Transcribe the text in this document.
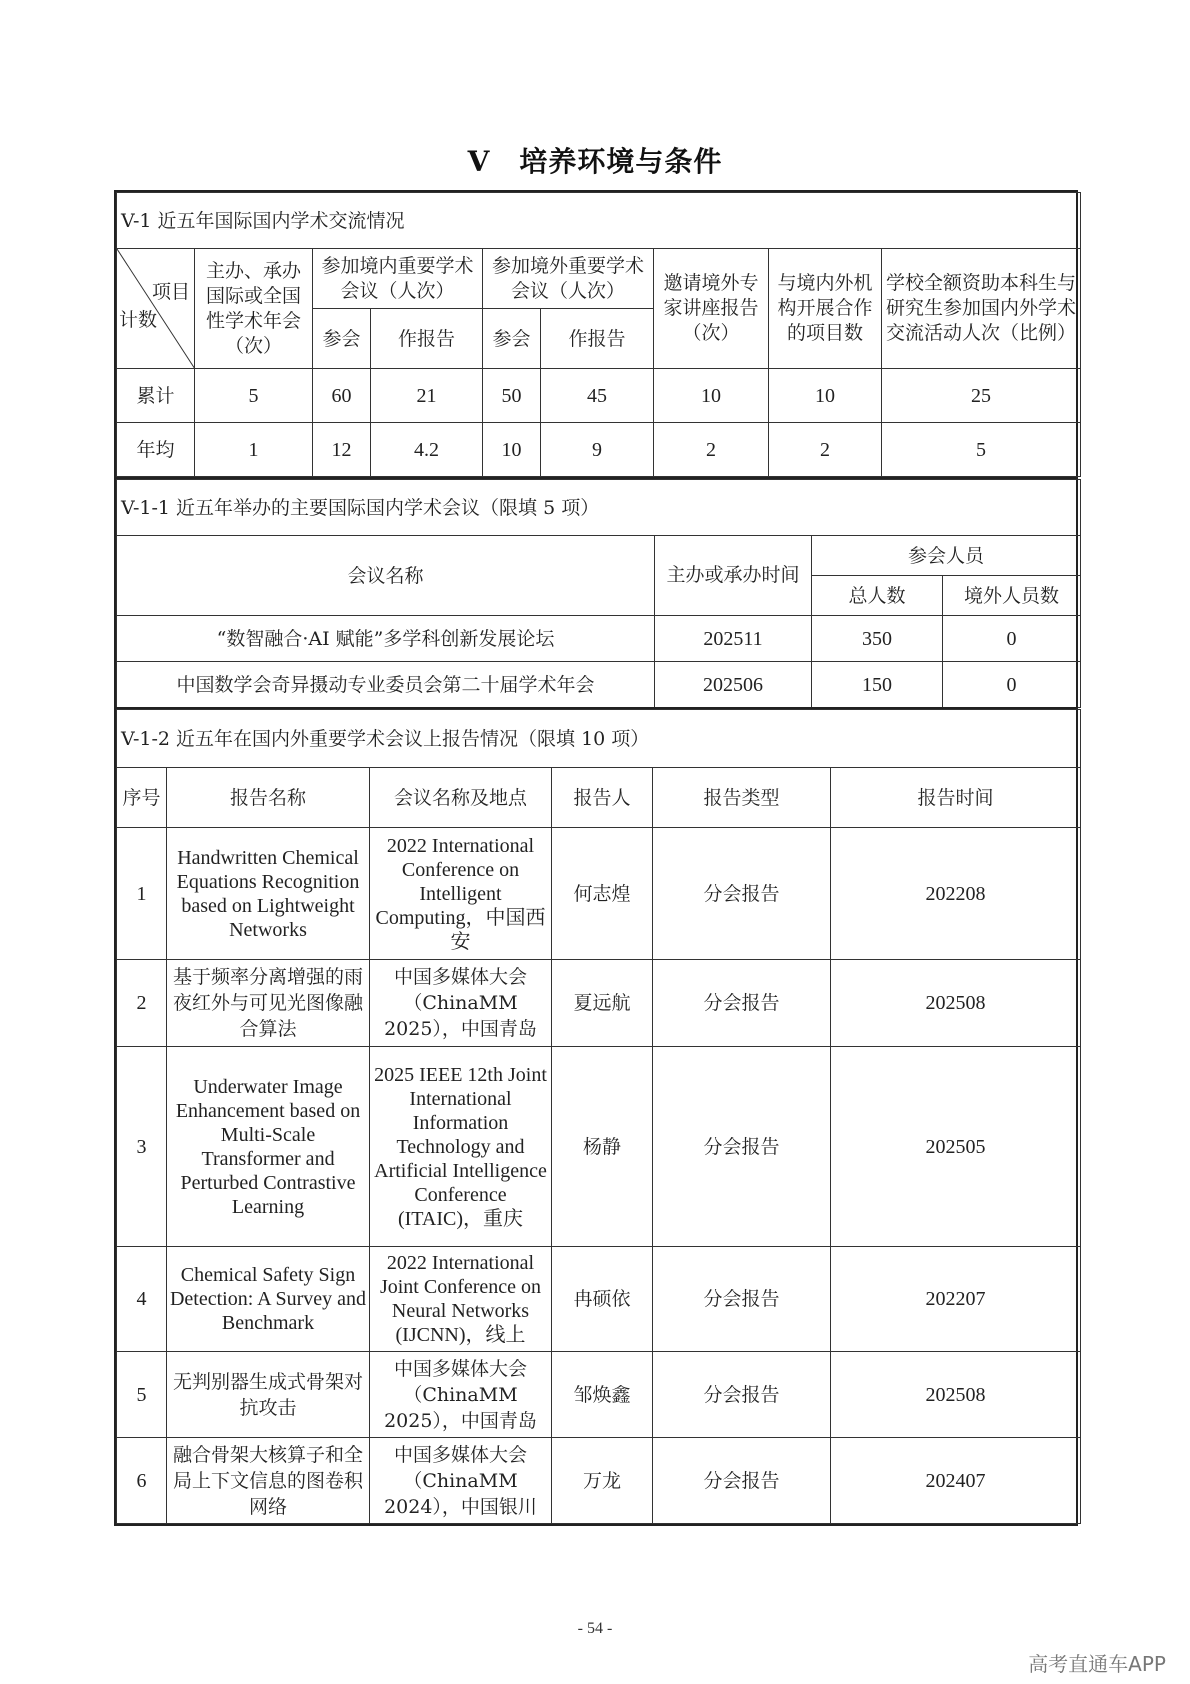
V　培养环境与条件
V-1 近五年国际国内学术交流情况								

项目
计数	主办、承办国际或全国性学术年会（次）	参加境内重要学术会议（人次）		参加境外重要学术会议（人次）		邀请境外专家讲座报告（次）	与境内外机构开展合作的项目数	学校全额资助本科生与研究生参加国内外学术交流活动人次（比例）
		参会	作报告	参会	作报告			
累计	5	60	21	50	45	10	10	25
年均	1	12	4.2	10	9	2	2	5
V-1-1 近五年举办的主要国际国内学术会议（限填 5 项）			
会议名称	主办或承办时间	参会人员	
		总人数	境外人员数
“数智融合·AI 赋能”多学科创新发展论坛	202511	350	0
中国数学会奇异摄动专业委员会第二十届学术年会	202506	150	0
V-1-2 近五年在国内外重要学术会议上报告情况（限填 10 项）					
序号	报告名称	会议名称及地点	报告人	报告类型	报告时间
1	Handwritten Chemical Equations Recognition based on Lightweight Networks	2022 International Conference on Intelligent Computing，中国西安	何志煌	分会报告	202208
2	基于频率分离增强的雨夜红外与可见光图像融合算法	中国多媒体大会（ChinaMM 2025），中国青岛	夏远航	分会报告	202508
3	Underwater Image Enhancement based on Multi-Scale Transformer and Perturbed Contrastive Learning	2025 IEEE 12th Joint International Information Technology and Artificial Intelligence Conference (ITAIC)，重庆	杨静	分会报告	202505
4	Chemical Safety Sign Detection: A Survey and Benchmark	2022 International Joint Conference on Neural Networks (IJCNN)，线上	冉硕依	分会报告	202207
5	无判别器生成式骨架对抗攻击	中国多媒体大会（ChinaMM 2025），中国青岛	邹焕鑫	分会报告	202508
6	融合骨架大核算子和全局上下文信息的图卷积网络	中国多媒体大会（ChinaMM 2024），中国银川	万龙	分会报告	202407
- 54 -
高考直通车APP
